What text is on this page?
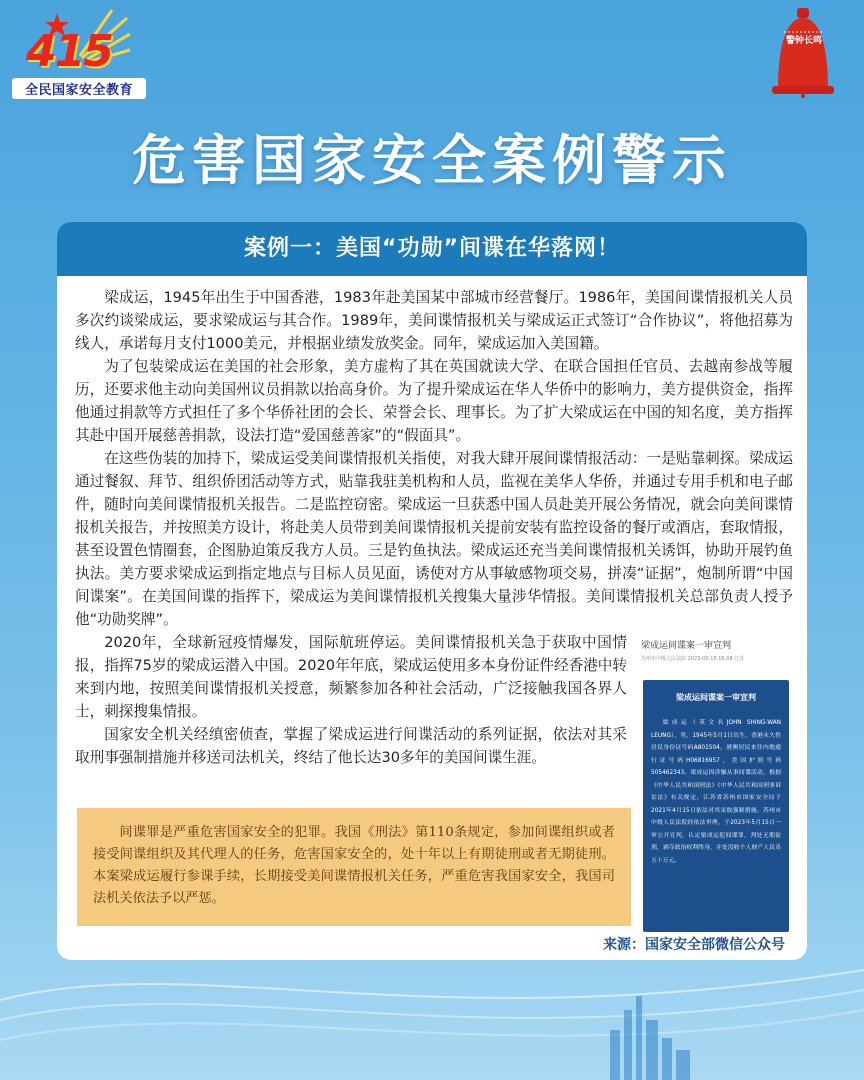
415
全民国家安全教育
警钟长鸣
危害国家安全案例警示
案例一：美国“功勋”间谍在华落网！

梁成运，1945年出生于中国香港，1983年赴美国某中部城市经营餐厅。1986年，美国间谍情报机关人员多次约谈梁成运，要求梁成运与其合作。1989年，美间谍情报机关与梁成运正式签订“合作协议”，将他招募为线人，承诺每月支付1000美元，并根据业绩发放奖金。同年，梁成运加入美国籍。

为了包装梁成运在美国的社会形象，美方虚构了其在英国就读大学、在联合国担任官员、去越南参战等履历，还要求他主动向美国州议员捐款以抬高身价。为了提升梁成运在华人华侨中的影响力，美方提供资金，指挥他通过捐款等方式担任了多个华侨社团的会长、荣誉会长、理事长。为了扩大梁成运在中国的知名度，美方指挥其赴中国开展慈善捐款，设法打造“爱国慈善家”的“假面具”。

在这些伪装的加持下，梁成运受美间谍情报机关指使，对我大肆开展间谍情报活动：一是贴靠刺探。梁成运通过餐叙、拜节、组织侨团活动等方式，贴靠我驻美机构和人员，监视在美华人华侨，并通过专用手机和电子邮件，随时向美间谍情报机关报告。二是监控窃密。梁成运一旦获悉中国人员赴美开展公务情况，就会向美间谍情报机关报告，并按照美方设计，将赴美人员带到美间谍情报机关提前安装有监控设备的餐厅或酒店，套取情报，甚至设置色情圈套，企图胁迫策反我方人员。三是钓鱼执法。梁成运还充当美间谍情报机关诱饵，协助开展钓鱼执法。美方要求梁成运到指定地点与目标人员见面，诱使对方从事敏感物项交易，拼凑“证据”，炮制所谓“中国间谍案”。在美国间谍的指挥下，梁成运为美间谍情报机关搜集大量涉华情报。美间谍情报机关总部负责人授予他“功勋奖牌”。

2020年，全球新冠疫情爆发，国际航班停运。美间谍情报机关急于获取中国情报，指挥75岁的梁成运潜入中国。2020年年底，梁成运使用多本身份证件经香港中转来到内地，按照美间谍情报机关授意，频繁参加各种社会活动，广泛接触我国各界人士，刺探搜集情报。

国家安全机关经缜密侦查，掌握了梁成运进行间谍活动的系列证据，依法对其采取刑事强制措施并移送司法机关，终结了他长达30多年的美国间谍生涯。

梁成运间谍案一审宣判
苏州市中级人民法院 2023-05-15 16:08 江苏
梁成运间谍案一审宣判
梁成运（英文名JOHN SHING-WAN LEUNG），男，1945年5月1日出生，香港永久性居民身份证号码A801504，港澳居民来往内地通行证号码H06816957，美国护照号码505462343。梁成运因涉嫌从事间谍活动，根据《中华人民共和国刑法》《中华人民共和国刑事诉讼法》有关规定，江苏省苏州市国家安全局于2021年4月15日依法对其采取强制措施。苏州市中级人民法院经依法审理，于2023年5月15日一审公开宣判，认定梁成运犯间谍罪，判处无期徒刑，剥夺政治权利终身，并处没收个人财产人民币五十万元。
间谍罪是严重危害国家安全的犯罪。我国《刑法》第110条规定，参加间谍组织或者接受间谍组织及其代理人的任务，危害国家安全的，处十年以上有期徒刑或者无期徒刑。本案梁成运履行参课手续，长期接受美间谍情报机关任务，严重危害我国家安全，我国司法机关依法予以严惩。
来源：国家安全部微信公众号
